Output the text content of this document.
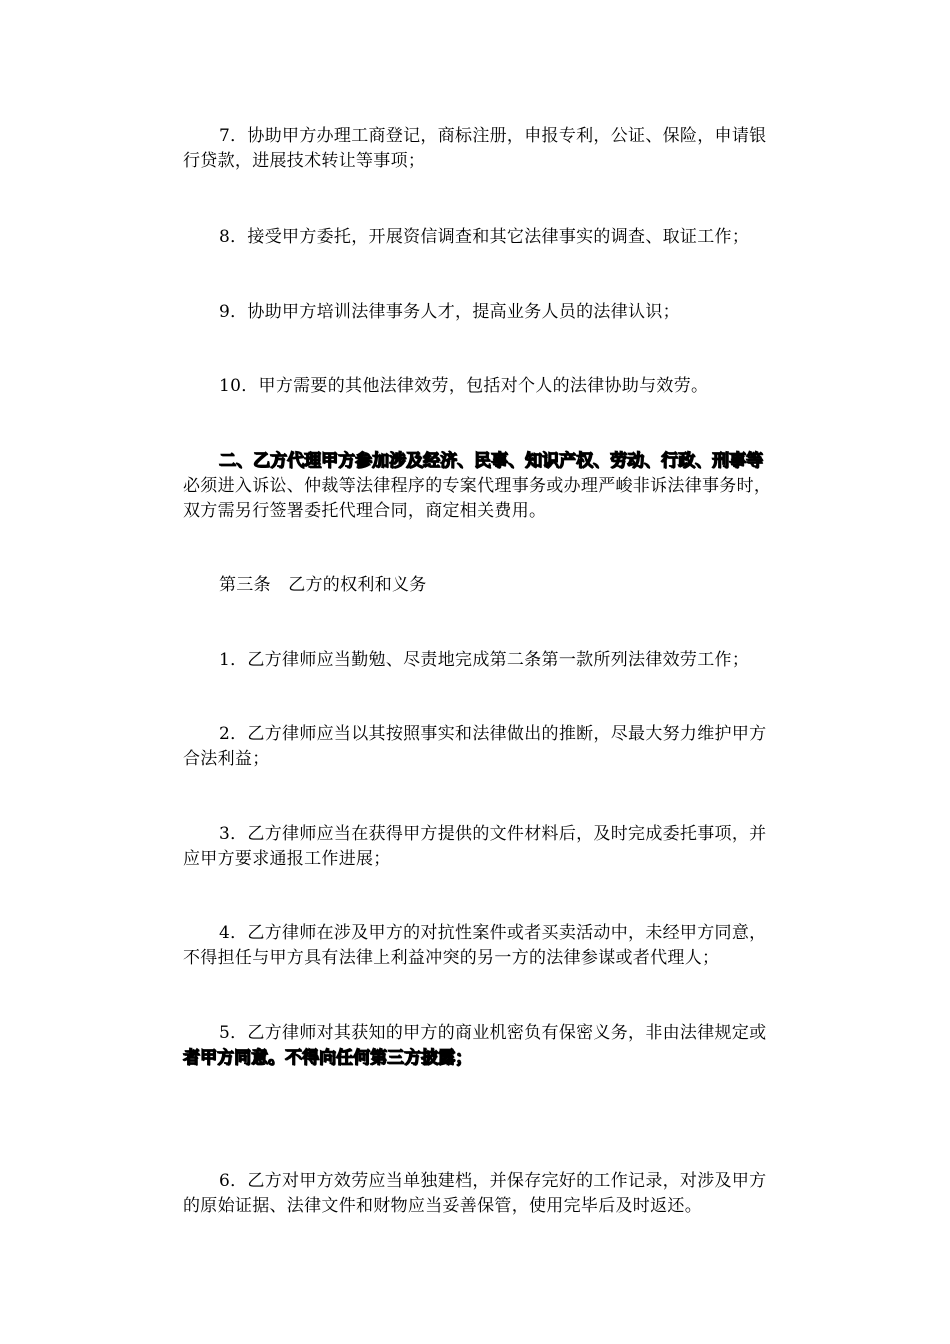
7．协助甲方办理工商登记，商标注册，申报专利，公证、保险，申请银
行贷款，进展技术转让等事项；
8．接受甲方委托，开展资信调查和其它法律事实的调查、取证工作；
9．协助甲方培训法律事务人才，提高业务人员的法律认识；
10．甲方需要的其他法律效劳，包括对个人的法律协助与效劳。
二、乙方代理甲方参加涉及经济、民事、知识产权、劳动、行政、刑事等
必须进入诉讼、仲裁等法律程序的专案代理事务或办理严峻非诉法律事务时，
双方需另行签署委托代理合同，商定相关费用。
第三条　乙方的权利和义务
1．乙方律师应当勤勉、尽责地完成第二条第一款所列法律效劳工作；
2．乙方律师应当以其按照事实和法律做出的推断，尽最大努力维护甲方
合法利益；
3．乙方律师应当在获得甲方提供的文件材料后，及时完成委托事项，并
应甲方要求通报工作进展；
4．乙方律师在涉及甲方的对抗性案件或者买卖活动中，未经甲方同意，
不得担任与甲方具有法律上利益冲突的另一方的法律参谋或者代理人；
5．乙方律师对其获知的甲方的商业机密负有保密义务，非由法律规定或
者甲方同意。不得向任何第三方披露；
6．乙方对甲方效劳应当单独建档，并保存完好的工作记录，对涉及甲方
的原始证据、法律文件和财物应当妥善保管，使用完毕后及时返还。
